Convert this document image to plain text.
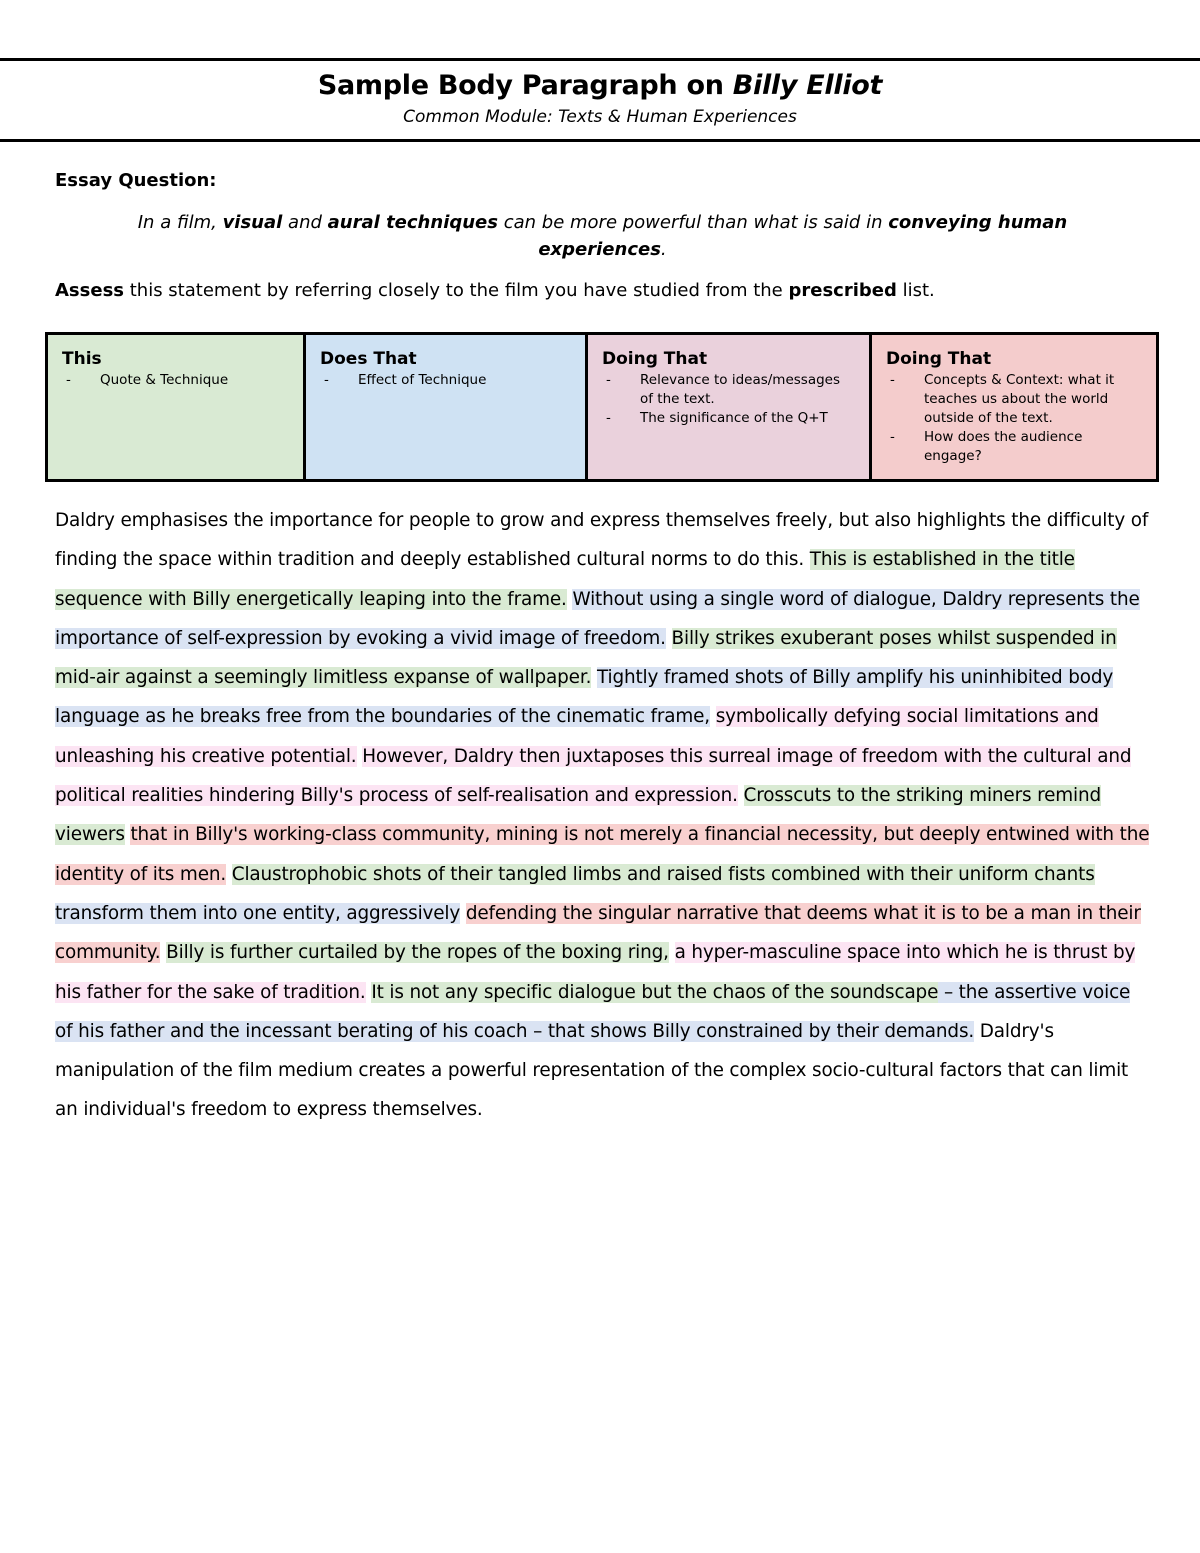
Sample Body Paragraph on Billy Elliot
Common Module: Texts & Human Experiences
Essay Question:
In a film, visual and aural techniques can be more powerful than what is said in conveying human experiences.
Assess this statement by referring closely to the film you have studied from the prescribed list.
This
- Quote & Technique

Does That
- Effect of Technique

Doing That
- Relevance to ideas/messages of the text.
- The significance of the Q+T

Doing That
- Concepts & Context: what it teaches us about the world outside of the text.
- How does the audience engage?
Daldry emphasises the importance for people to grow and express themselves freely, but also highlights the difficulty of finding the space within tradition and deeply established cultural norms to do this. This is established in the title sequence with Billy energetically leaping into the frame. Without using a single word of dialogue, Daldry represents the importance of self-expression by evoking a vivid image of freedom. Billy strikes exuberant poses whilst suspended in mid-air against a seemingly limitless expanse of wallpaper. Tightly framed shots of Billy amplify his uninhibited body language as he breaks free from the boundaries of the cinematic frame, symbolically defying social limitations and unleashing his creative potential. However, Daldry then juxtaposes this surreal image of freedom with the cultural and political realities hindering Billy's process of self-realisation and expression. Crosscuts to the striking miners remind viewers that in Billy's working-class community, mining is not merely a financial necessity, but deeply entwined with the identity of its men. Claustrophobic shots of their tangled limbs and raised fists combined with their uniform chants transform them into one entity, aggressively defending the singular narrative that deems what it is to be a man in their community. Billy is further curtailed by the ropes of the boxing ring, a hyper-masculine space into which he is thrust by his father for the sake of tradition. It is not any specific dialogue but the chaos of the soundscape – the assertive voice of his father and the incessant berating of his coach – that shows Billy constrained by their demands. Daldry's manipulation of the film medium creates a powerful representation of the complex socio-cultural factors that can limit an individual's freedom to express themselves.
